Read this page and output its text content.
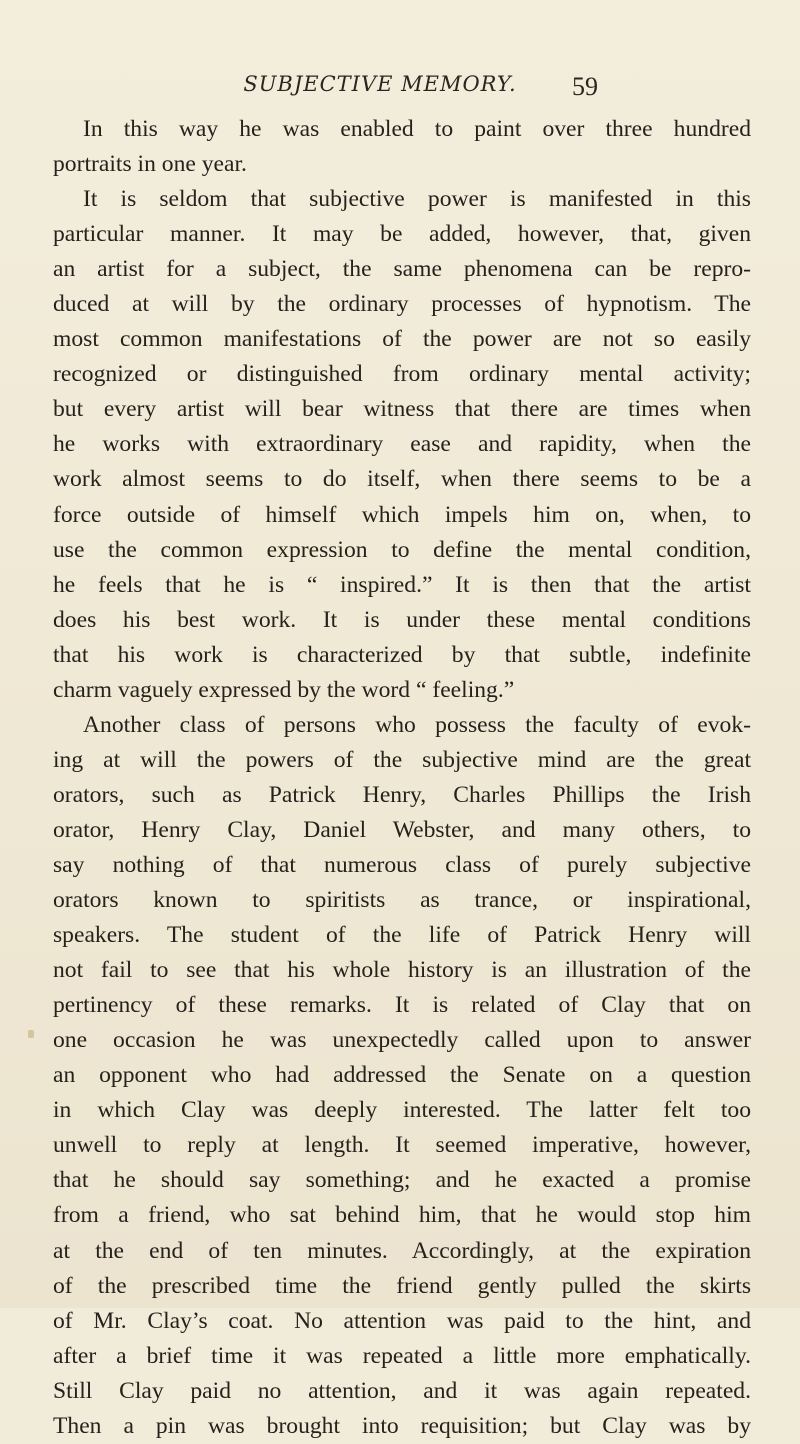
SUBJECTIVE MEMORY.	59
In this way he was enabled to paint over three hundred
portraits in one year.
It is seldom that subjective power is manifested in this
particular manner. It may be added, however, that, given
an artist for a subject, the same phenomena can be repro-
duced at will by the ordinary processes of hypnotism. The
most common manifestations of the power are not so easily
recognized or distinguished from ordinary mental activity;
but every artist will bear witness that there are times when
he works with extraordinary ease and rapidity, when the
work almost seems to do itself, when there seems to be a
force outside of himself which impels him on, when, to
use the common expression to define the mental condition,
he feels that he is “ inspired.” It is then that the artist
does his best work. It is under these mental conditions
that his work is characterized by that subtle, indefinite
charm vaguely expressed by the word “ feeling.”
Another class of persons who possess the faculty of evok-
ing at will the powers of the subjective mind are the great
orators, such as Patrick Henry, Charles Phillips the Irish
orator, Henry Clay, Daniel Webster, and many others, to
say nothing of that numerous class of purely subjective
orators known to spiritists as trance, or inspirational,
speakers. The student of the life of Patrick Henry will
not fail to see that his whole history is an illustration of the
pertinency of these remarks. It is related of Clay that on
one occasion he was unexpectedly called upon to answer
an opponent who had addressed the Senate on a question
in which Clay was deeply interested. The latter felt too
unwell to reply at length. It seemed imperative, however,
that he should say something; and he exacted a promise
from a friend, who sat behind him, that he would stop him
at the end of ten minutes. Accordingly, at the expiration
of the prescribed time the friend gently pulled the skirts
of Mr. Clay’s coat. No attention was paid to the hint, and
after a brief time it was repeated a little more emphatically.
Still Clay paid no attention, and it was again repeated.
Then a pin was brought into requisition; but Clay was by
